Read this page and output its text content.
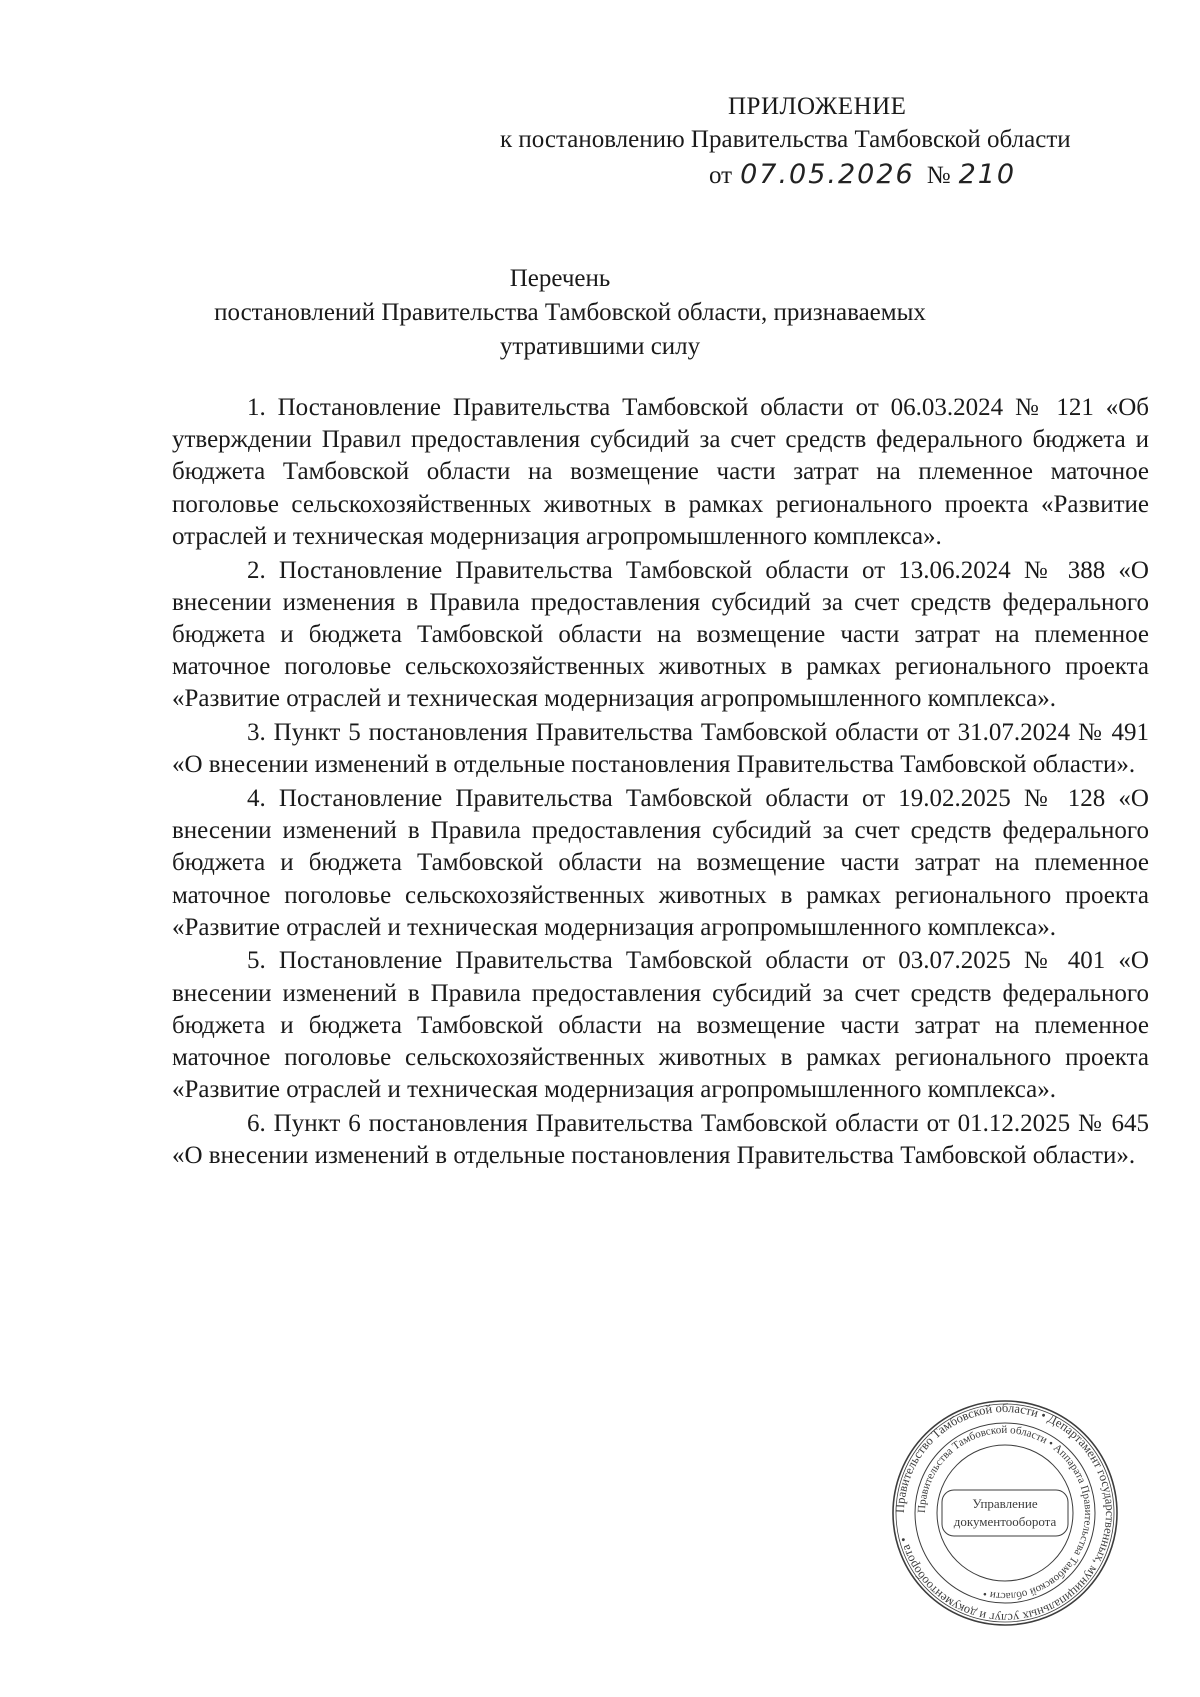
ПРИЛОЖЕНИЕ
к постановлению Правительства Тамбовской области
от 07.05.2026 № 210
Перечень

постановлений Правительства Тамбовской области, признаваемых
утратившими силу

1. Постановление Правительства Тамбовской области от 06.03.2024 № 121 «Об утверждении Правил предоставления субсидий за счет средств федерального бюджета и бюджета Тамбовской области на возмещение части затрат на племенное маточное поголовье сельскохозяйственных животных в рамках регионального проекта «Развитие отраслей и техническая модернизация агропромышленного комплекса».

2. Постановление Правительства Тамбовской области от 13.06.2024 № 388 «О внесении изменения в Правила предоставления субсидий за счет средств федерального бюджета и бюджета Тамбовской области на возмещение части затрат на племенное маточное поголовье сельскохозяйственных животных в рамках регионального проекта «Развитие отраслей и техническая модернизация агропромышленного комплекса».

3. Пункт 5 постановления Правительства Тамбовской области от 31.07.2024 № 491 «О внесении изменений в отдельные постановления Правительства Тамбовской области».

4. Постановление Правительства Тамбовской области от 19.02.2025 № 128 «О внесении изменений в Правила предоставления субсидий за счет средств федерального бюджета и бюджета Тамбовской области на возмещение части затрат на племенное маточное поголовье сельскохозяйственных животных в рамках регионального проекта «Развитие отраслей и техническая модернизация агропромышленного комплекса».

5. Постановление Правительства Тамбовской области от 03.07.2025 № 401 «О внесении изменений в Правила предоставления субсидий за счет средств федерального бюджета и бюджета Тамбовской области на возмещение части затрат на племенное маточное поголовье сельскохозяйственных животных в рамках регионального проекта «Развитие отраслей и техническая модернизация агропромышленного комплекса».

6. Пункт 6 постановления Правительства Тамбовской области от 01.12.2025 № 645 «О внесении изменений в отдельные постановления Правительства Тамбовской области».

Правительство Тамбовской области • Департамент государственных, муниципальных услуг и документооборота •
Правительства Тамбовской области • Аппарата Правительства Тамбовской области •
Управление
документооборота
